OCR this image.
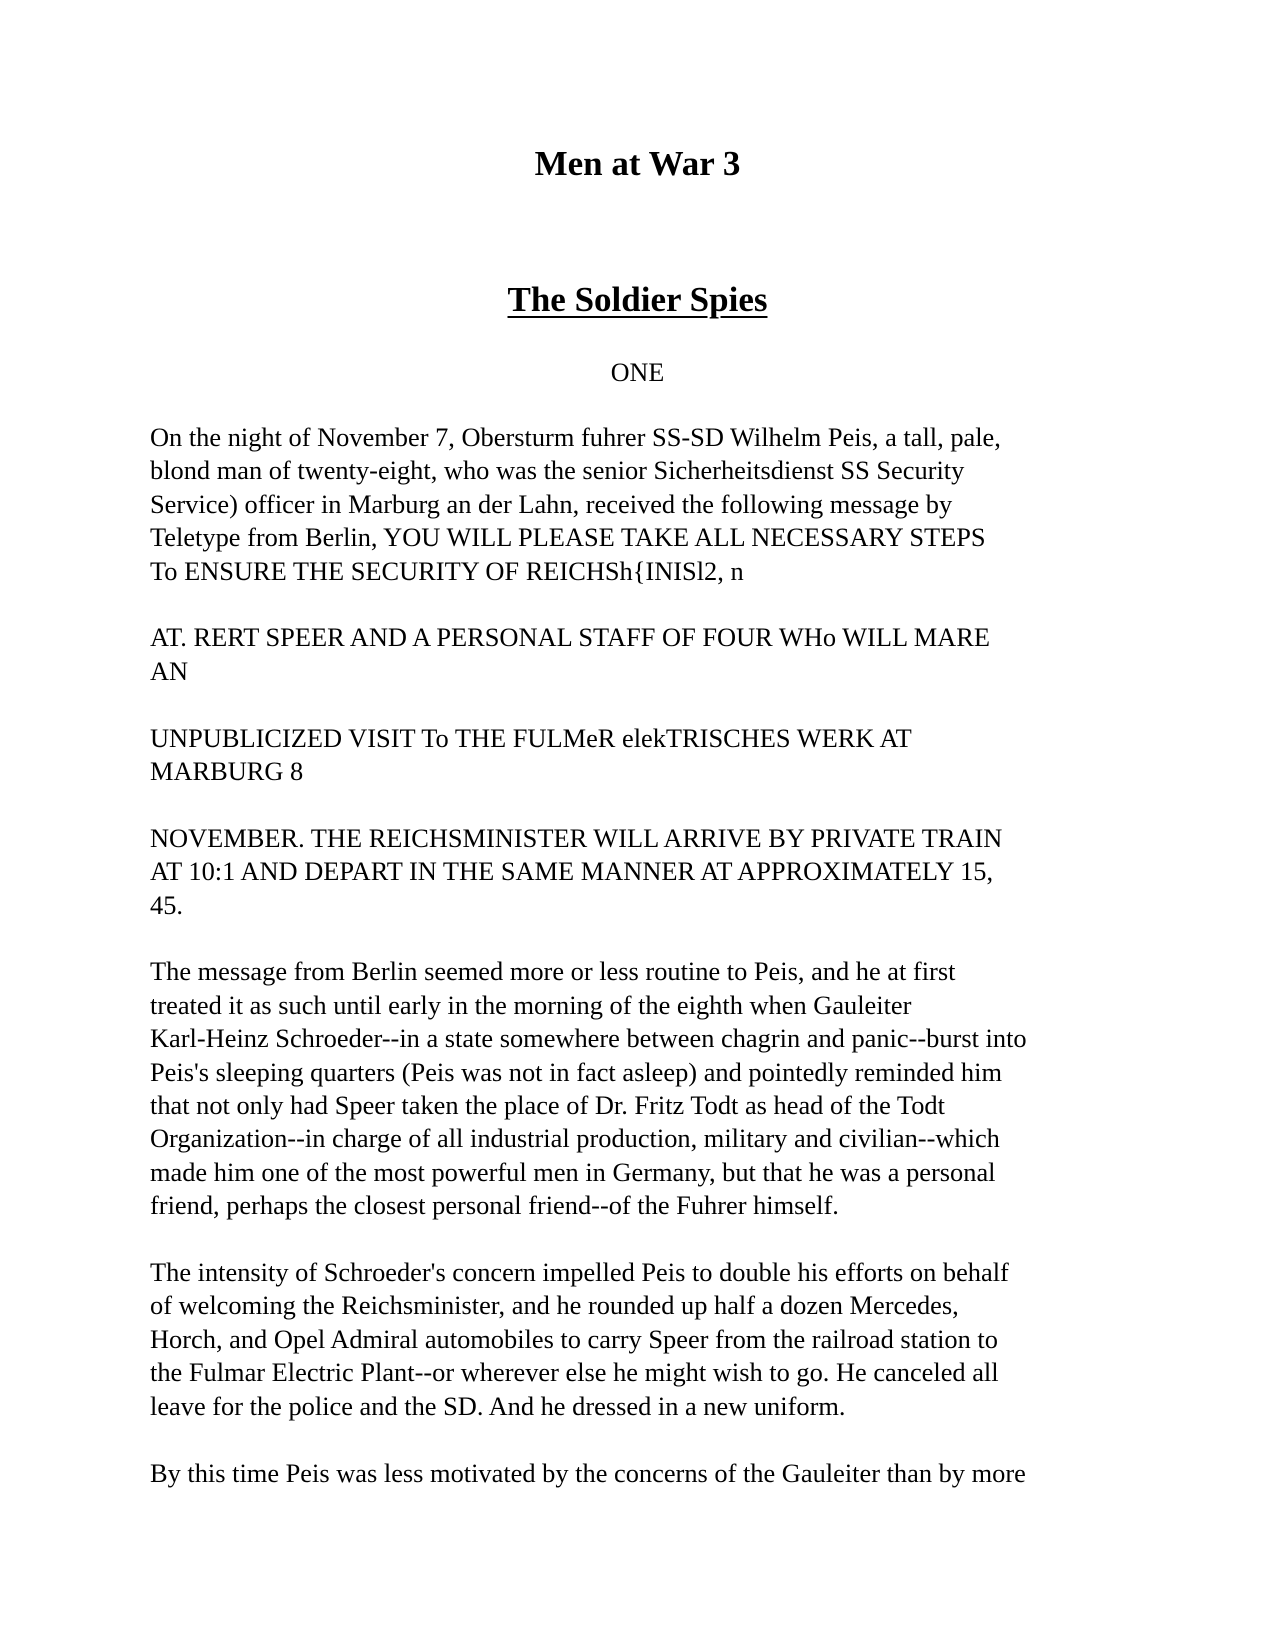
Men at War 3
The Soldier Spies
ONE

On the night of November 7, Obersturm fuhrer SS-SD Wilhelm Peis, a tall, pale,
blond man of twenty-eight, who was the senior Sicherheitsdienst SS Security
Service) officer in Marburg an der Lahn, received the following message by
Teletype from Berlin, YOU WILL PLEASE TAKE ALL NECESSARY STEPS
To ENSURE THE SECURITY OF REICHSh{INISl2, n

AT. RERT SPEER AND A PERSONAL STAFF OF FOUR WHo WILL MARE
AN

UNPUBLICIZED VISIT To THE FULMeR elekTRISCHES WERK AT
MARBURG 8

NOVEMBER. THE REICHSMINISTER WILL ARRIVE BY PRIVATE TRAIN
AT 10:1 AND DEPART IN THE SAME MANNER AT APPROXIMATELY 15,
45.

The message from Berlin seemed more or less routine to Peis, and he at first
treated it as such until early in the morning of the eighth when Gauleiter
Karl-Heinz Schroeder--in a state somewhere between chagrin and panic--burst into
Peis's sleeping quarters (Peis was not in fact asleep) and pointedly reminded him
that not only had Speer taken the place of Dr. Fritz Todt as head of the Todt
Organization--in charge of all industrial production, military and civilian--which
made him one of the most powerful men in Germany, but that he was a personal
friend, perhaps the closest personal friend--of the Fuhrer himself.

The intensity of Schroeder's concern impelled Peis to double his efforts on behalf
of welcoming the Reichsminister, and he rounded up half a dozen Mercedes,
Horch, and Opel Admiral automobiles to carry Speer from the railroad station to
the Fulmar Electric Plant--or wherever else he might wish to go. He canceled all
leave for the police and the SD. And he dressed in a new uniform.

By this time Peis was less motivated by the concerns of the Gauleiter than by more
